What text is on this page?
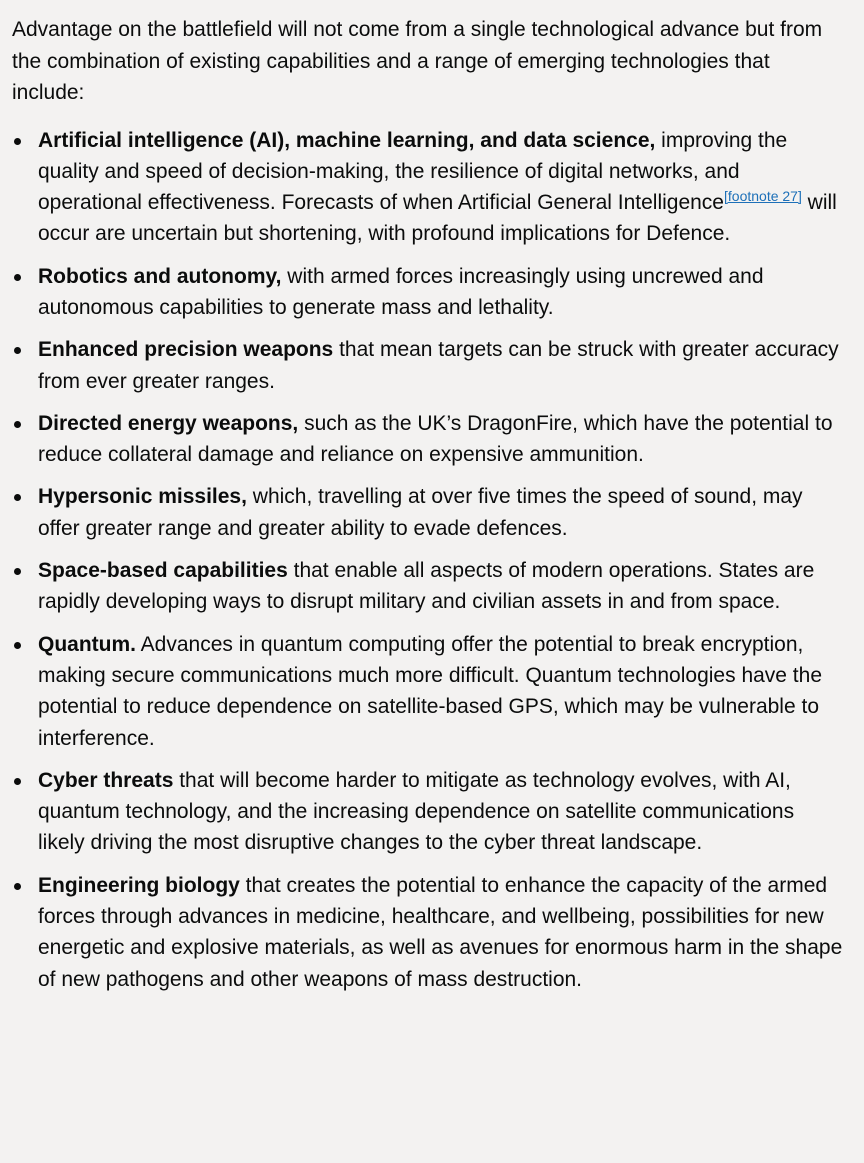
Advantage on the battlefield will not come from a single technological advance but from the combination of existing capabilities and a range of emerging technologies that include:

Artificial intelligence (AI), machine learning, and data science, improving the quality and speed of decision-making, the resilience of digital networks, and operational effectiveness. Forecasts of when Artificial General Intelligence[footnote 27] will occur are uncertain but shortening, with profound implications for Defence.
Robotics and autonomy, with armed forces increasingly using uncrewed and autonomous capabilities to generate mass and lethality.
Enhanced precision weapons that mean targets can be struck with greater accuracy from ever greater ranges.
Directed energy weapons, such as the UK’s DragonFire, which have the potential to reduce collateral damage and reliance on expensive ammunition.
Hypersonic missiles, which, travelling at over five times the speed of sound, may offer greater range and greater ability to evade defences.
Space-based capabilities that enable all aspects of modern operations. States are rapidly developing ways to disrupt military and civilian assets in and from space.
Quantum. Advances in quantum computing offer the potential to break encryption, making secure communications much more difficult. Quantum technologies have the potential to reduce dependence on satellite-based GPS, which may be vulnerable to interference.
Cyber threats that will become harder to mitigate as technology evolves, with AI, quantum technology, and the increasing dependence on satellite communications likely driving the most disruptive changes to the cyber threat landscape.
Engineering biology that creates the potential to enhance the capacity of the armed forces through advances in medicine, healthcare, and wellbeing, possibilities for new energetic and explosive materials, as well as avenues for enormous harm in the shape of new pathogens and other weapons of mass destruction.
